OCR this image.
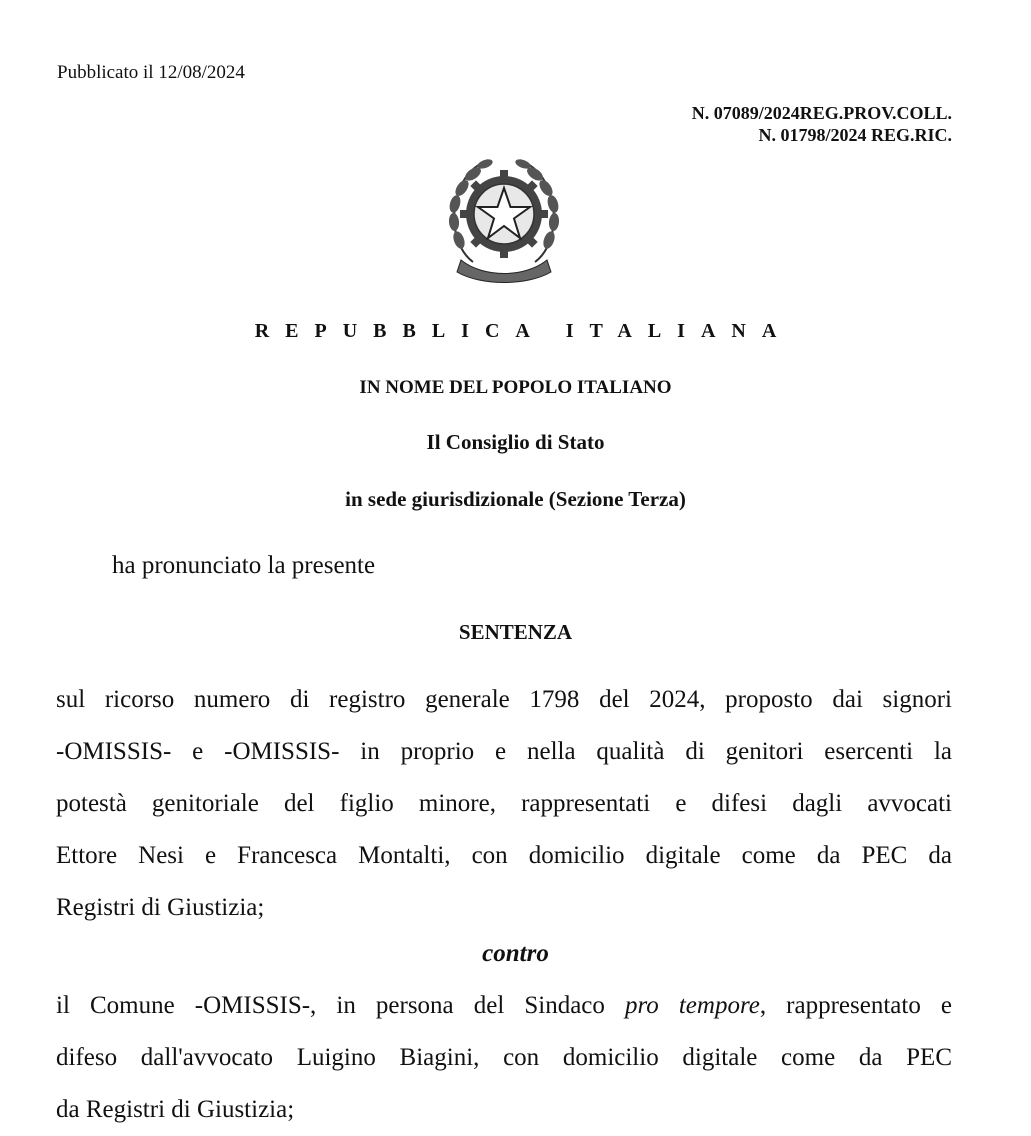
Pubblicato il 12/08/2024
N. 07089/2024REG.PROV.COLL.
N. 01798/2024 REG.RIC.
REPUBBLICA ITALIANA
IN NOME DEL POPOLO ITALIANO
Il Consiglio di Stato
in sede giurisdizionale (Sezione Terza)
ha pronunciato la presente
SENTENZA
sul ricorso numero di registro generale 1798 del 2024, proposto dai signori
-OMISSIS- e -OMISSIS- in proprio e nella qualità di genitori esercenti la
potestà genitoriale del figlio minore, rappresentati e difesi dagli avvocati
Ettore Nesi e Francesca Montalti, con domicilio digitale come da PEC da
Registri di Giustizia;
contro
il Comune -OMISSIS-, in persona del Sindaco pro tempore, rappresentato e
difeso dall'avvocato Luigino Biagini, con domicilio digitale come da PEC
da Registri di Giustizia;
